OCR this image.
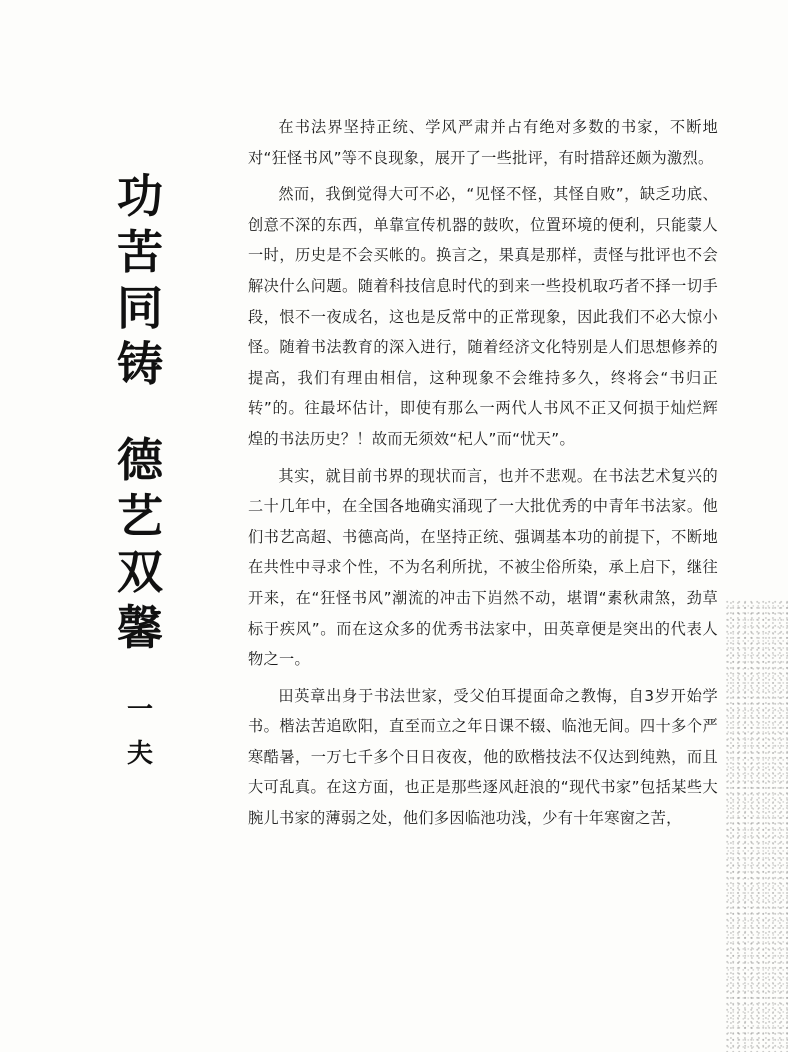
功
苦
同
铸
德
艺
双
馨
一
夫

在书法界坚持正统、学风严肃并占有绝对多数的书家，不断地对“狂怪书风”等不良现象，展开了一些批评，有时措辞还颇为激烈。

然而，我倒觉得大可不必，“见怪不怪，其怪自败”，缺乏功底、创意不深的东西，单靠宣传机器的鼓吹，位置环境的便利，只能蒙人一时，历史是不会买帐的。换言之，果真是那样，责怪与批评也不会解决什么问题。随着科技信息时代的到来一些投机取巧者不择一切手段，恨不一夜成名，这也是反常中的正常现象，因此我们不必大惊小怪。随着书法教育的深入进行，随着经济文化特别是人们思想修养的提高，我们有理由相信，这种现象不会维持多久，终将会“书归正转”的。往最坏估计，即使有那么一两代人书风不正又何损于灿烂辉煌的书法历史？！故而无须效“杞人”而“忧天”。

其实，就目前书界的现状而言，也并不悲观。在书法艺术复兴的二十几年中，在全国各地确实涌现了一大批优秀的中青年书法家。他们书艺高超、书德高尚，在坚持正统、强调基本功的前提下，不断地在共性中寻求个性，不为名利所扰，不被尘俗所染，承上启下，继往开来，在“狂怪书风”潮流的冲击下岿然不动，堪谓“素秋肃煞，劲草标于疾风”。而在这众多的优秀书法家中，田英章便是突出的代表人物之一。

田英章出身于书法世家，受父伯耳提面命之教悔，自3岁开始学书。楷法苦追欧阳，直至而立之年日课不辍、临池无间。四十多个严寒酷暑，一万七千多个日日夜夜，他的欧楷技法不仅达到纯熟，而且大可乱真。在这方面，也正是那些逐风赶浪的“现代书家”包括某些大腕儿书家的薄弱之处，他们多因临池功浅，少有十年寒窗之苦，
